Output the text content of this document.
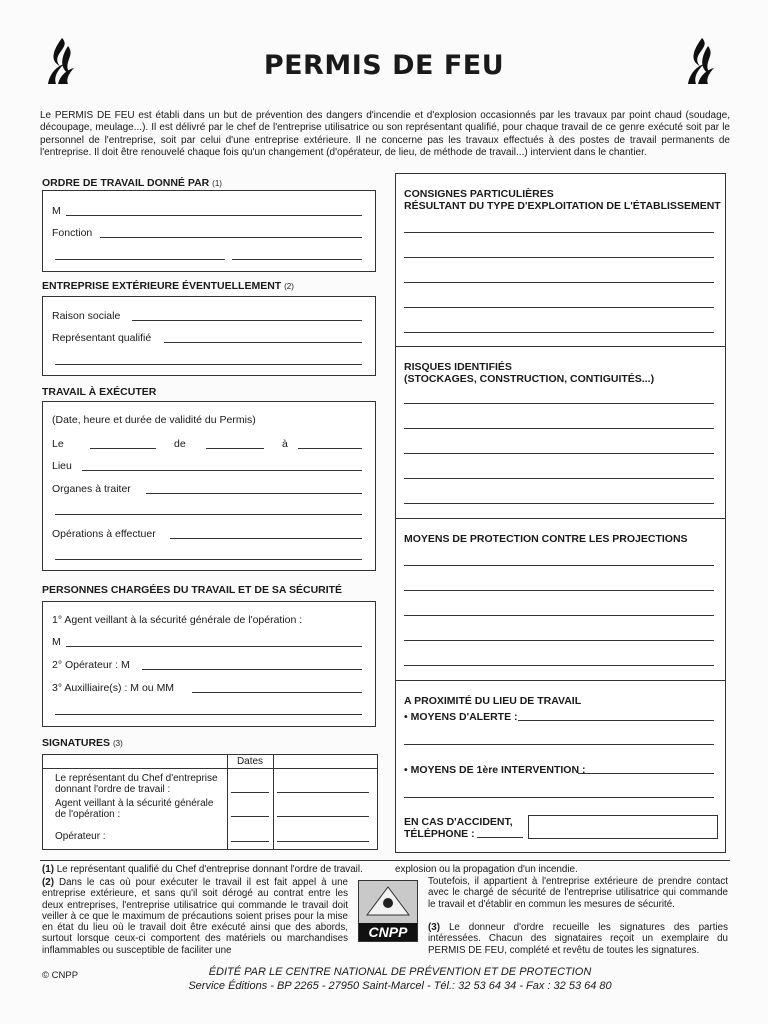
PERMIS DE FEU
Le PERMIS DE FEU est établi dans un but de prévention des dangers d'incendie et d'explosion occasionnés par les travaux par point chaud (soudage, découpage, meulage...). Il est délivré par le chef de l'entreprise utilisatrice ou son représentant qualifié, pour chaque travail de ce genre exécuté soit par le personnel de l'entreprise, soit par celui d'une entreprise extérieure. Il ne concerne pas les travaux effectués à des postes de travail permanents de l'entreprise. Il doit être renouvelé chaque fois qu'un changement (d'opérateur, de lieu, de méthode de travail...) intervient dans le chantier.
ORDRE DE TRAVAIL DONNÉ PAR (1)
M
Fonction
ENTREPRISE EXTÉRIEURE ÉVENTUELLEMENT (2)
Raison sociale
Représentant qualifié
TRAVAIL À EXÉCUTER
(Date, heure et durée de validité du Permis)
Le	de	à
Lieu
Organes à traiter
Opérations à effectuer
PERSONNES CHARGÉES DU TRAVAIL ET DE SA SÉCURITÉ
1° Agent veillant à la sécurité générale de l'opération :
M
2° Opérateur : M
3° Auxilliaire(s) : M ou MM
SIGNATURES (3)
Dates
Le représentant du Chef d'entreprise donnant l'ordre de travail :
Agent veillant à la sécurité générale de l'opération :
Opérateur :
CONSIGNES PARTICULIÈRES
RÉSULTANT DU TYPE D'EXPLOITATION DE L'ÉTABLISSEMENT
RISQUES IDENTIFIÉS
(STOCKAGES, CONSTRUCTION, CONTIGUITÉS...)
MOYENS DE PROTECTION CONTRE LES PROJECTIONS
A PROXIMITÉ DU LIEU DE TRAVAIL
• MOYENS D'ALERTE :
• MOYENS DE 1ère INTERVENTION :
EN CAS D'ACCIDENT,
TÉLÉPHONE :
(1) Le représentant qualifié du Chef d'entreprise donnant l'ordre de travail.
(2) Dans le cas où pour exécuter le travail il est fait appel à une entreprise extérieure, et sans qu'il soit dérogé au contrat entre les deux entreprises, l'entreprise utilisatrice qui commande le travail doit veiller à ce que le maximum de précautions soient prises pour la mise en état du lieu où le travail doit être exécuté ainsi que des abords, surtout lorsque ceux-ci comportent des matériels ou marchandises inflammables ou susceptible de faciliter une
explosion ou la propagation d'un incendie.
Toutefois, il appartient à l'entreprise extérieure de prendre contact avec le chargé de sécurité de l'entreprise utilisatrice qui commande le travail et d'établir en commun les mesures de sécurité.
(3) Le donneur d'ordre recueille les signatures des parties intéressées. Chacun des signataires reçoit un exemplaire du PERMIS DE FEU, complété et revêtu de toutes les signatures.
CNPP
© CNPP	ÉDITÉ PAR LE CENTRE NATIONAL DE PRÉVENTION ET DE PROTECTION
Service Éditions - BP 2265 - 27950 Saint-Marcel - Tél.: 32 53 64 34 - Fax : 32 53 64 80
